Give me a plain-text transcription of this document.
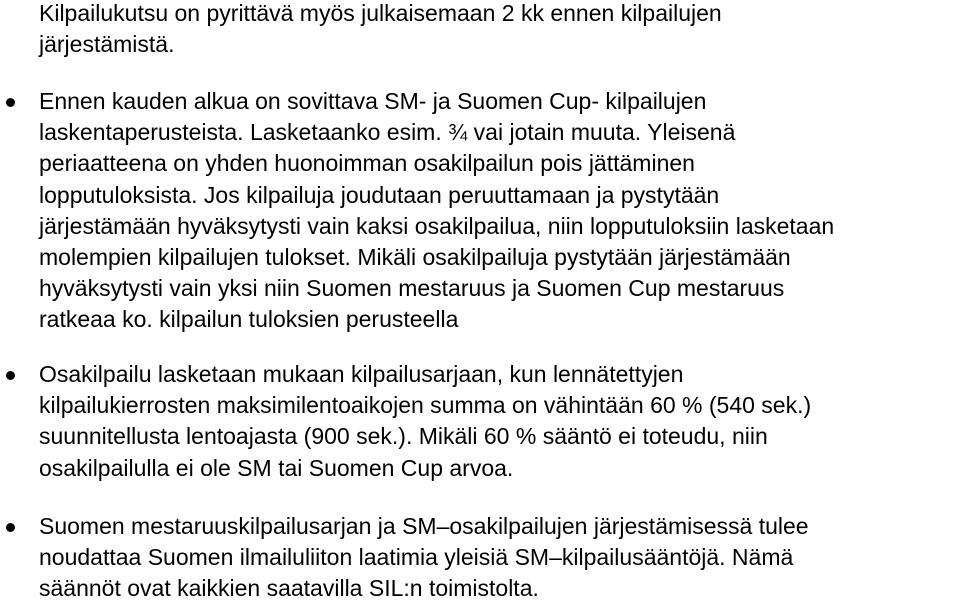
Kilpailukutsu on pyrittävä myös julkaisemaan 2 kk ennen kilpailujen
järjestämistä.
Ennen kauden alkua on sovittava SM- ja Suomen Cup- kilpailujen
laskentaperusteista. Lasketaanko esim. ¾ vai jotain muuta. Yleisenä
periaatteena on yhden huonoimman osakilpailun pois jättäminen
lopputuloksista. Jos kilpailuja joudutaan peruuttamaan ja pystytään
järjestämään hyväksytysti vain kaksi osakilpailua, niin lopputuloksiin lasketaan
molempien kilpailujen tulokset. Mikäli osakilpailuja pystytään järjestämään
hyväksytysti vain yksi niin Suomen mestaruus ja Suomen Cup mestaruus
ratkeaa ko. kilpailun tuloksien perusteella
Osakilpailu lasketaan mukaan kilpailusarjaan, kun lennätettyjen
kilpailukierrosten maksimilentoaikojen summa on vähintään 60 % (540 sek.)
suunnitellusta lentoajasta (900 sek.). Mikäli 60 % sääntö ei toteudu, niin
osakilpailulla ei ole SM tai Suomen Cup arvoa.
Suomen mestaruuskilpailusarjan ja SM–osakilpailujen järjestämisessä tulee
noudattaa Suomen ilmailuliiton laatimia yleisiä SM–kilpailusääntöjä. Nämä
säännöt ovat kaikkien saatavilla SIL:n toimistolta.
